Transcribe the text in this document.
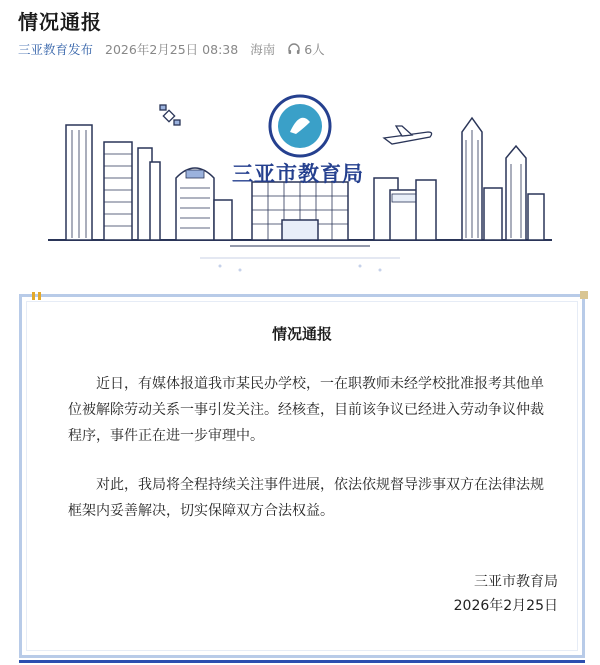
情况通报
三亚教育发布 2026年2月25日 08:38 海南 6人
三亚市教育局
情况通报

近日，有媒体报道我市某民办学校，一在职教师未经学校批准报考其他单位被解除劳动关系一事引发关注。经核查，目前该争议已经进入劳动争议仲裁程序，事件正在进一步审理中。

对此，我局将全程持续关注事件进展，依法依规督导涉事双方在法律法规框架内妥善解决，切实保障双方合法权益。

三亚市教育局
2026年2月25日
